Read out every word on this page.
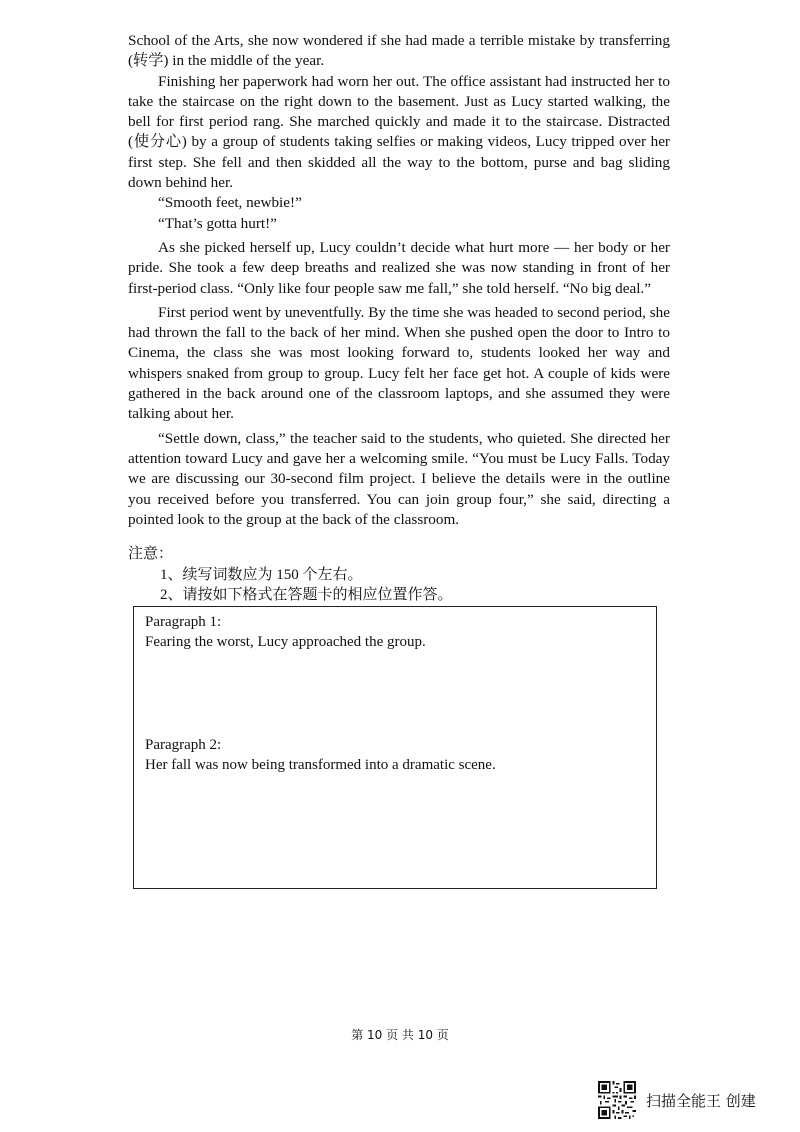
School of the Arts, she now wondered if she had made a terrible mistake by transferring (转学) in the middle of the year.

Finishing her paperwork had worn her out. The office assistant had instructed her to take the staircase on the right down to the basement. Just as Lucy started walking, the bell for first period rang. She marched quickly and made it to the staircase. Distracted (使分心) by a group of students taking selfies or making videos, Lucy tripped over her first step. She fell and then skidded all the way to the bottom, purse and bag sliding down behind her.

“Smooth feet, newbie!”

“That’s gotta hurt!”

As she picked herself up, Lucy couldn’t decide what hurt more — her body or her pride. She took a few deep breaths and realized she was now standing in front of her first-period class. “Only like four people saw me fall,” she told herself. “No big deal.”

First period went by uneventfully. By the time she was headed to second period, she had thrown the fall to the back of her mind. When she pushed open the door to Intro to Cinema, the class she was most looking forward to, students looked her way and whispers snaked from group to group. Lucy felt her face get hot. A couple of kids were gathered in the back around one of the classroom laptops, and she assumed they were talking about her.

“Settle down, class,” the teacher said to the students, who quieted. She directed her attention toward Lucy and gave her a welcoming smile. “You must be Lucy Falls. Today we are discussing our 30-second film project. I believe the details were in the outline you received before you transferred. You can join group four,” she said, directing a pointed look to the group at the back of the classroom.

注意：

1、续写词数应为 150 个左右。

2、请按如下格式在答题卡的相应位置作答。

Paragraph 1:

Fearing the worst, Lucy approached the group.

Paragraph 2:

Her fall was now being transformed into a dramatic scene.

第 10 页 共 10 页
扫描全能王 创建
